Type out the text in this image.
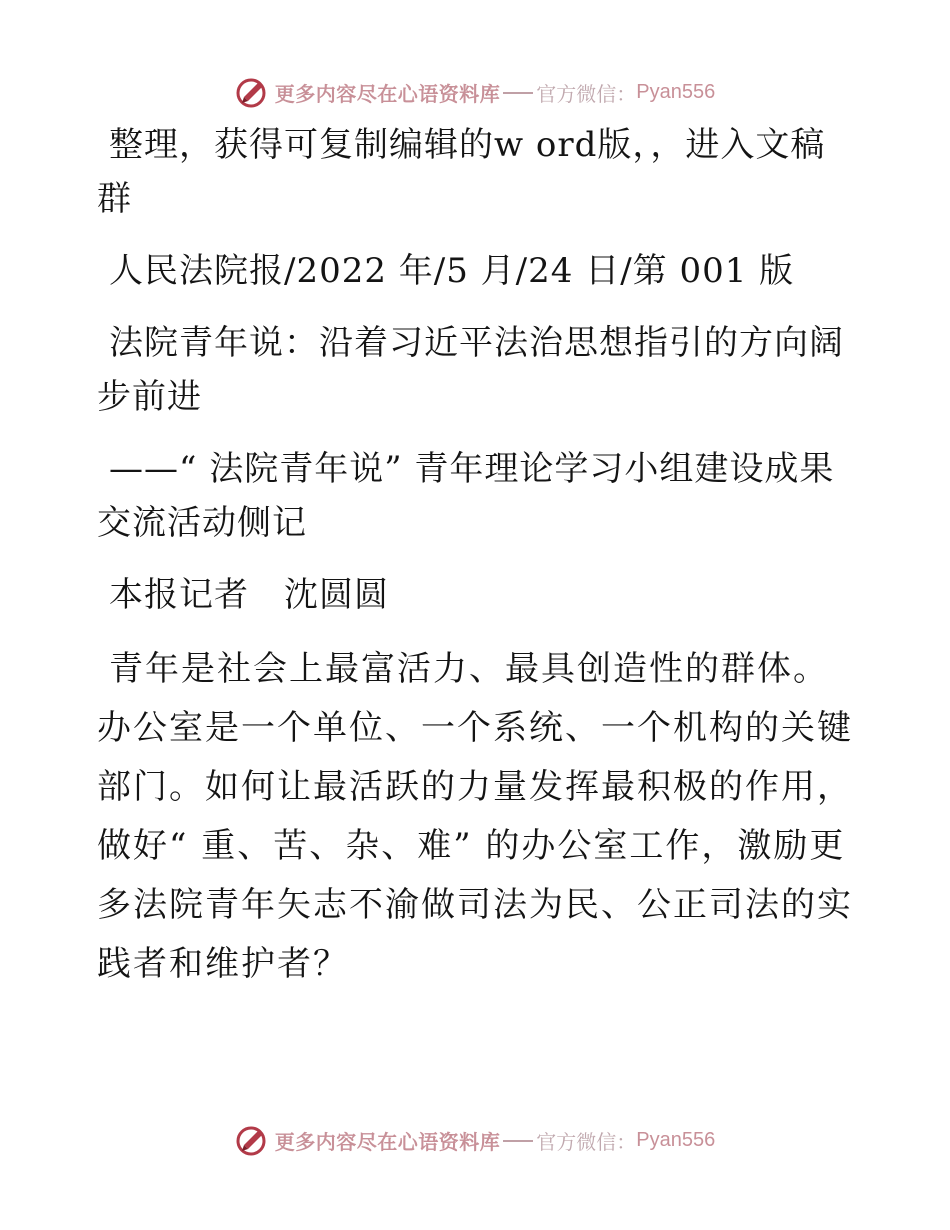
更多内容尽在心语资料库 官方微信： Pyan556

整理，获得可复制编辑的w ord版，，进入文稿群

人民法院报/2022 年/5 月/24 日/第 001 版

法院青年说：沿着习近平法治思想指引的方向阔步前进

——“ 法院青年说” 青年理论学习小组建设成果交流活动侧记

本报记者　沈圆圆

青年是社会上最富活力、最具创造性的群体。办公室是一个单位、一个系统、一个机构的关键部门。如何让最活跃的力量发挥最积极的作用，做好“ 重、苦、杂、难” 的办公室工作，激励更多法院青年矢志不渝做司法为民、公正司法的实践者和维护者？

更多内容尽在心语资料库 官方微信： Pyan556
